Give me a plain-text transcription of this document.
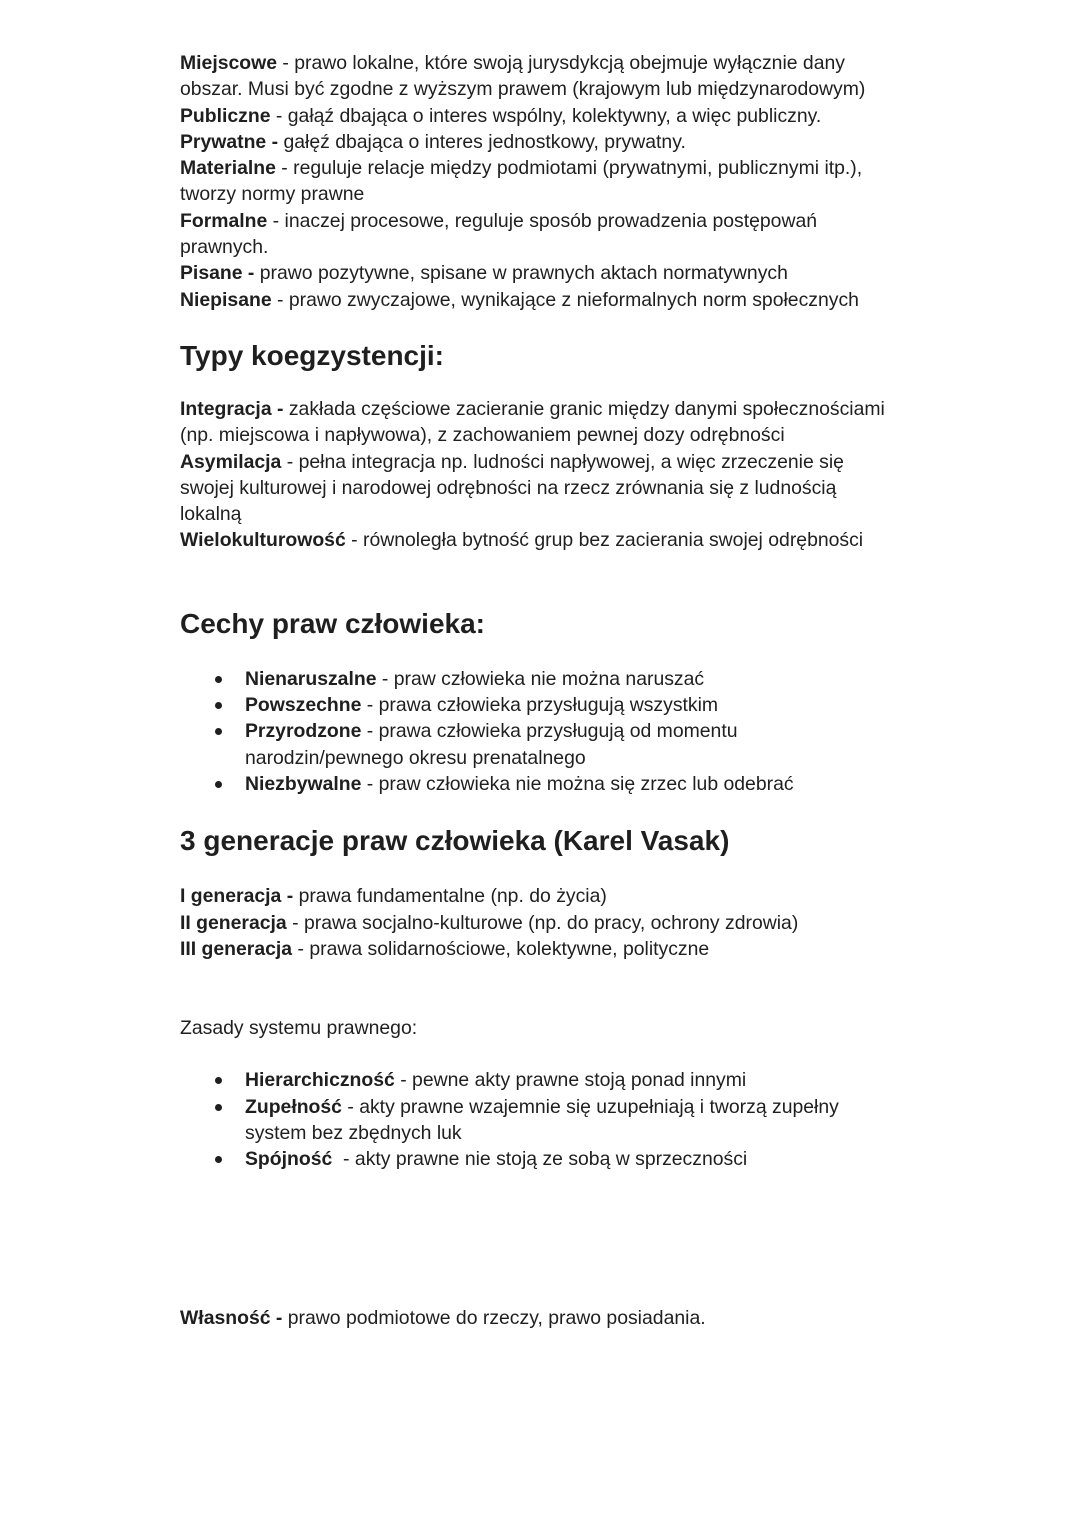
Miejscowe - prawo lokalne, które swoją jurysdykcją obejmuje wyłącznie dany obszar. Musi być zgodne z wyższym prawem (krajowym lub międzynarodowym)

Publiczne - gałąź dbająca o interes wspólny, kolektywny, a więc publiczny.

Prywatne - gałęź dbająca o interes jednostkowy, prywatny.

Materialne - reguluje relacje między podmiotami (prywatnymi, publicznymi itp.), tworzy normy prawne

Formalne - inaczej procesowe, reguluje sposób prowadzenia postępowań prawnych.

Pisane - prawo pozytywne, spisane w prawnych aktach normatywnych

Niepisane - prawo zwyczajowe, wynikające z nieformalnych norm społecznych

Typy koegzystencji:

Integracja - zakłada częściowe zacieranie granic między danymi społecznościami (np. miejscowa i napływowa), z zachowaniem pewnej dozy odrębności

Asymilacja - pełna integracja np. ludności napływowej, a więc zrzeczenie się swojej kulturowej i narodowej odrębności na rzecz zrównania się z ludnością lokalną

Wielokulturowość - równoległa bytność grup bez zacierania swojej odrębności

Cechy praw człowieka:
Nienaruszalne - praw człowieka nie można naruszać
Powszechne - prawa człowieka przysługują wszystkim
Przyrodzone - prawa człowieka przysługują od momentu narodzin/pewnego okresu prenatalnego
Niezbywalne - praw człowieka nie można się zrzec lub odebrać
3 generacje praw człowieka (Karel Vasak)

I generacja - prawa fundamentalne (np. do życia)

II generacja - prawa socjalno-kulturowe (np. do pracy, ochrony zdrowia)

III generacja - prawa solidarnościowe, kolektywne, polityczne

Zasady systemu prawnego:

Hierarchiczność - pewne akty prawne stoją ponad innymi
Zupełność - akty prawne wzajemnie się uzupełniają i tworzą zupełny system bez zbędnych luk
Spójność  - akty prawne nie stoją ze sobą w sprzeczności

Własność - prawo podmiotowe do rzeczy, prawo posiadania.
